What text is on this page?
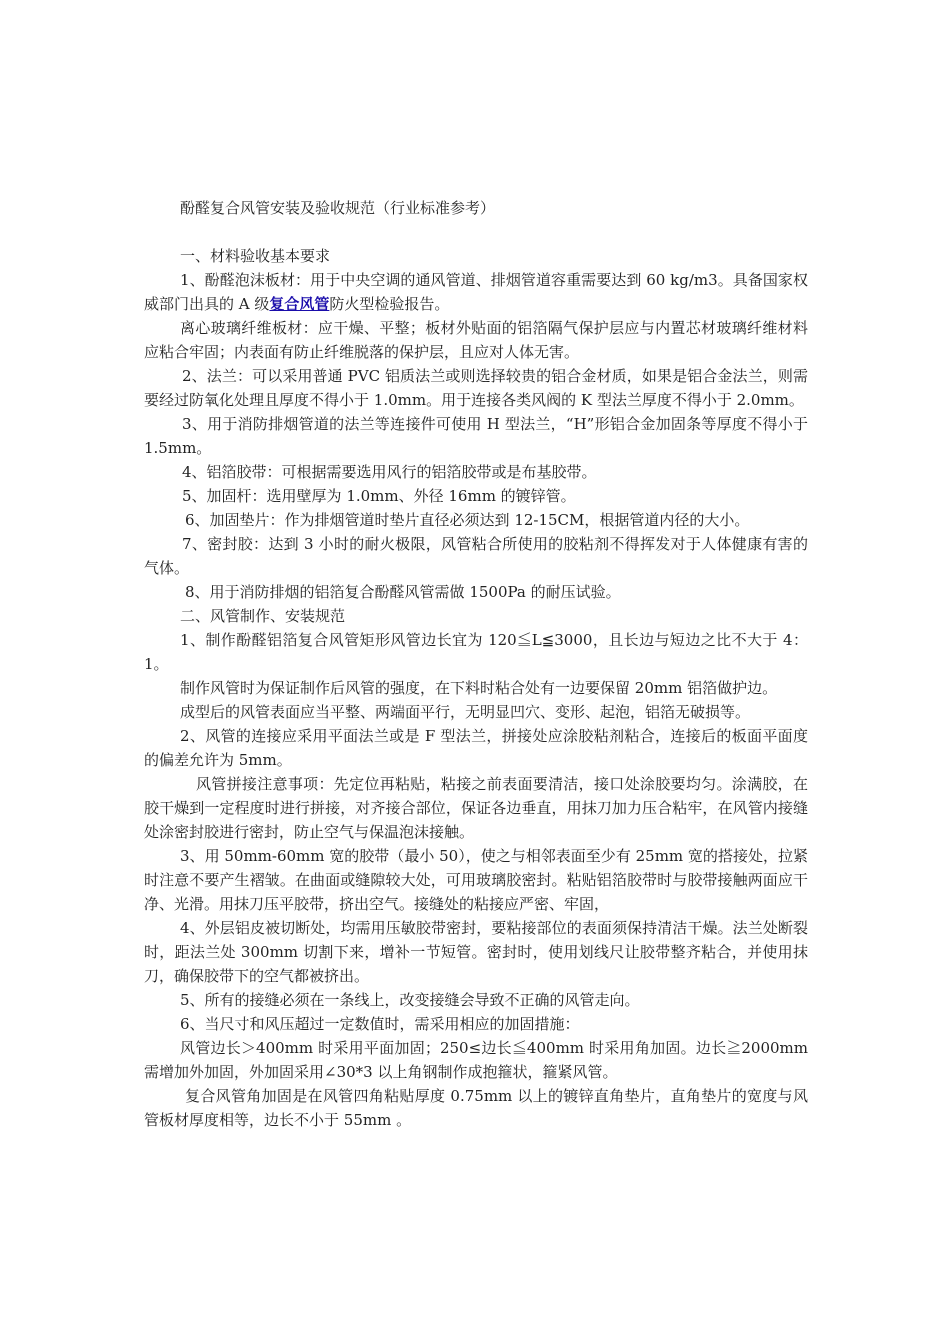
酚醛复合风管安装及验收规范（行业标准参考）

一、材料验收基本要求

1、酚醛泡沫板材：用于中央空调的通风管道、排烟管道容重需要达到 60 kg/m3。具备国家权威部门出具的 A 级复合风管防火型检验报告。

离心玻璃纤维板材：应干燥、平整；板材外贴面的铝箔隔气保护层应与内置芯材玻璃纤维材料应粘合牢固；内表面有防止纤维脱落的保护层，且应对人体无害。

2、法兰：可以采用普通 PVC 铝质法兰或则选择较贵的铝合金材质，如果是铝合金法兰，则需要经过防氧化处理且厚度不得小于 1.0mm。用于连接各类风阀的 K 型法兰厚度不得小于 2.0mm。

3、用于消防排烟管道的法兰等连接件可使用 H 型法兰，“H”形铝合金加固条等厚度不得小于 1.5mm。

4、铝箔胶带：可根据需要选用风行的铝箔胶带或是布基胶带。

5、加固杆：选用壁厚为 1.0mm、外径 16mm 的镀锌管。

6、加固垫片：作为排烟管道时垫片直径必须达到 12-15CM，根据管道内径的大小。

7、密封胶：达到 3 小时的耐火极限，风管粘合所使用的胶粘剂不得挥发对于人体健康有害的气体。

8、用于消防排烟的铝箔复合酚醛风管需做 1500Pa 的耐压试验。

二、风管制作、安装规范

1、制作酚醛铝箔复合风管矩形风管边长宜为 120≦L≦3000，且长边与短边之比不大于 4：1。

制作风管时为保证制作后风管的强度，在下料时粘合处有一边要保留 20mm 铝箔做护边。

成型后的风管表面应当平整、两端面平行，无明显凹穴、变形、起泡，铝箔无破损等。

2、风管的连接应采用平面法兰或是 F 型法兰，拼接处应涂胶粘剂粘合，连接后的板面平面度的偏差允许为 5mm。

风管拼接注意事项：先定位再粘贴，粘接之前表面要清洁，接口处涂胶要均匀。涂满胶，在胶干燥到一定程度时进行拼接，对齐接合部位，保证各边垂直，用抹刀加力压合粘牢，在风管内接缝处涂密封胶进行密封，防止空气与保温泡沫接触。

3、用 50mm-60mm 宽的胶带（最小 50），使之与相邻表面至少有 25mm 宽的搭接处，拉紧时注意不要产生褶皱。在曲面或缝隙较大处，可用玻璃胶密封。粘贴铝箔胶带时与胶带接触两面应干净、光滑。用抹刀压平胶带，挤出空气。接缝处的粘接应严密、牢固，

4、外层铝皮被切断处，均需用压敏胶带密封，要粘接部位的表面须保持清洁干燥。法兰处断裂时，距法兰处 300mm 切割下来，增补一节短管。密封时，使用划线尺让胶带整齐粘合，并使用抹刀，确保胶带下的空气都被挤出。

5、所有的接缝必须在一条线上，改变接缝会导致不正确的风管走向。

6、当尺寸和风压超过一定数值时，需采用相应的加固措施：

风管边长＞400mm 时采用平面加固；250≤边长≦400mm 时采用角加固。边长≧2000mm 需增加外加固，外加固采用∠30*3 以上角钢制作成抱箍状，箍紧风管。

复合风管角加固是在风管四角粘贴厚度 0.75mm 以上的镀锌直角垫片，直角垫片的宽度与风管板材厚度相等，边长不小于 55mm 。
